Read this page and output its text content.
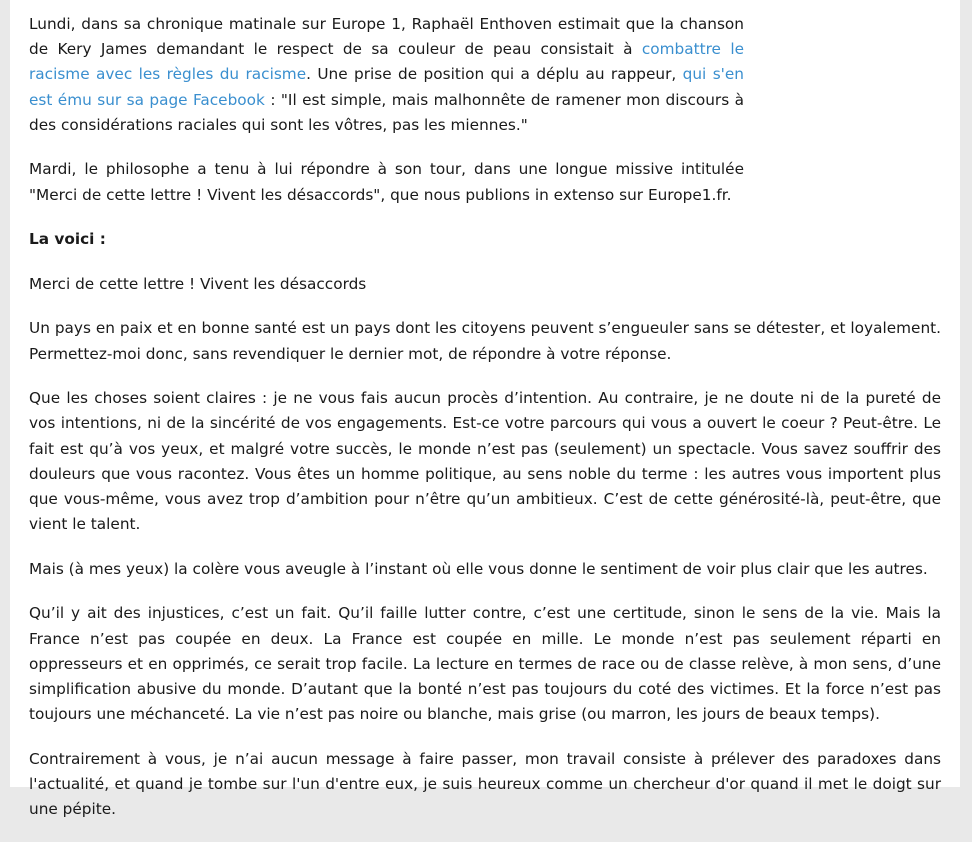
Lundi, dans sa chronique matinale sur Europe 1, Raphaël Enthoven estimait que la chanson de Kery James demandant le respect de sa couleur de peau consistait à combattre le racisme avec les règles du racisme. Une prise de position qui a déplu au rappeur, qui s'en est ému sur sa page Facebook : "Il est simple, mais malhonnête de ramener mon discours à des considérations raciales qui sont les vôtres, pas les miennes."

Mardi, le philosophe a tenu à lui répondre à son tour, dans une longue missive intitulée "Merci de cette lettre ! Vivent les désaccords", que nous publions in extenso sur Europe1.fr.

La voici :

Merci de cette lettre ! Vivent les désaccords

Un pays en paix et en bonne santé est un pays dont les citoyens peuvent s’engueuler sans se détester, et loyalement. Permettez-moi donc, sans revendiquer le dernier mot, de répondre à votre réponse.

Que les choses soient claires : je ne vous fais aucun procès d’intention. Au contraire, je ne doute ni de la pureté de vos intentions, ni de la sincérité de vos engagements. Est-ce votre parcours qui vous a ouvert le coeur ? Peut-être. Le fait est qu’à vos yeux, et malgré votre succès, le monde n’est pas (seulement) un spectacle. Vous savez souffrir des douleurs que vous racontez. Vous êtes un homme politique, au sens noble du terme : les autres vous importent plus que vous-même, vous avez trop d’ambition pour n’être qu’un ambitieux. C’est de cette générosité-là, peut-être, que vient le talent.

Mais (à mes yeux) la colère vous aveugle à l’instant où elle vous donne le sentiment de voir plus clair que les autres.

Qu’il y ait des injustices, c’est un fait. Qu’il faille lutter contre, c’est une certitude, sinon le sens de la vie. Mais la France n’est pas coupée en deux. La France est coupée en mille. Le monde n’est pas seulement réparti en oppresseurs et en opprimés, ce serait trop facile. La lecture en termes de race ou de classe relève, à mon sens, d’une simplification abusive du monde. D’autant que la bonté n’est pas toujours du coté des victimes. Et la force n’est pas toujours une méchanceté. La vie n’est pas noire ou blanche, mais grise (ou marron, les jours de beaux temps).

Contrairement à vous, je n’ai aucun message à faire passer, mon travail consiste à prélever des paradoxes dans l'actualité, et quand je tombe sur l'un d'entre eux, je suis heureux comme un chercheur d'or quand il met le doigt sur une pépite.
